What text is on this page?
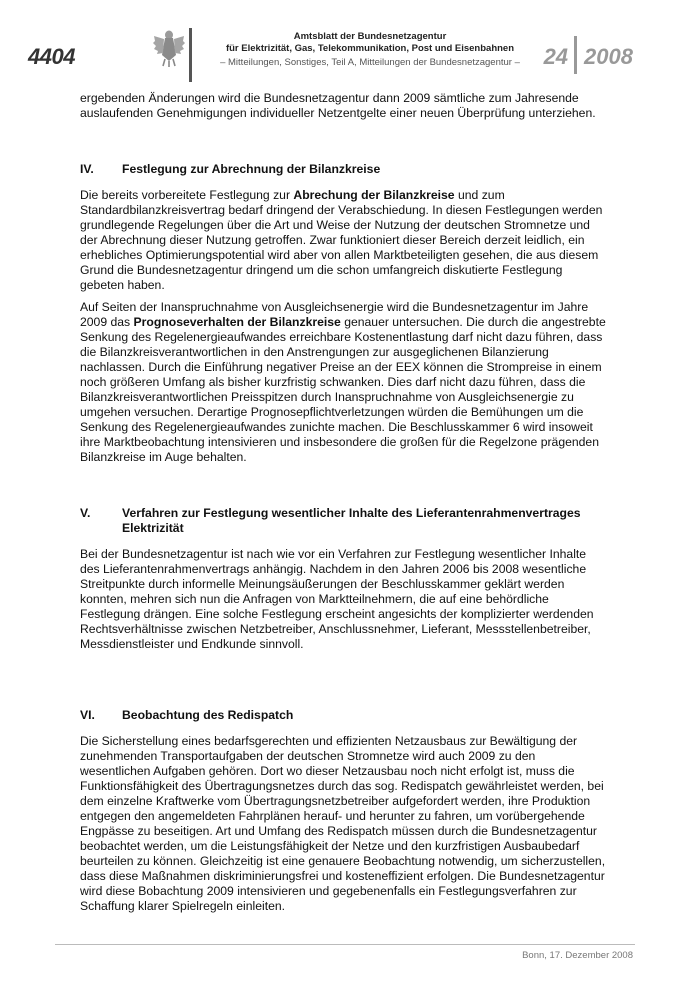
4404
Amtsblatt der Bundesnetzagentur
für Elektrizität, Gas, Telekommunikation, Post und Eisenbahnen
– Mitteilungen, Sonstiges, Teil A, Mitteilungen der Bundesnetzagentur –	24 2008

ergebenden Änderungen wird die Bundesnetzagentur dann 2009 sämtliche zum Jahresende auslaufenden Genehmigungen individueller Netzentgelte einer neuen Überprüfung unterziehen.

IV.	Festlegung zur Abrechnung der Bilanzkreise

Die bereits vorbereitete Festlegung zur Abrechung der Bilanzkreise und zum Standardbilanzkreisvertrag bedarf dringend der Verabschiedung. In diesen Festlegungen werden grundlegende Regelungen über die Art und Weise der Nutzung der deutschen Stromnetze und der Abrechnung dieser Nutzung getroffen. Zwar funktioniert dieser Bereich derzeit leidlich, ein erhebliches Optimierungspotential wird aber von allen Marktbeteiligten gesehen, die aus diesem Grund die Bundesnetzagentur dringend um die schon umfangreich diskutierte Festlegung gebeten haben.

Auf Seiten der Inanspruchnahme von Ausgleichsenergie wird die Bundesnetzagentur im Jahre 2009 das Prognoseverhalten der Bilanzkreise genauer untersuchen. Die durch die angestrebte Senkung des Regelenergieaufwandes erreichbare Kostenentlastung darf nicht dazu führen, dass die Bilanzkreisverantwortlichen in den Anstrengungen zur ausgeglichenen Bilanzierung nachlassen. Durch die Einführung negativer Preise an der EEX können die Strompreise in einem noch größeren Umfang als bisher kurzfristig schwanken. Dies darf nicht dazu führen, dass die Bilanzkreisverantwortlichen Preisspitzen durch Inanspruchnahme von Ausgleichsenergie zu umgehen versuchen. Derartige Prognosepflichtverletzungen würden die Bemühungen um die Senkung des Regelenergieaufwandes zunichte machen. Die Beschlusskammer 6 wird insoweit ihre Marktbeobachtung intensivieren und insbesondere die großen für die Regelzone prägenden Bilanzkreise im Auge behalten.

V.	Verfahren zur Festlegung wesentlicher Inhalte des Lieferantenrahmenvertrages Elektrizität

Bei der Bundesnetzagentur ist nach wie vor ein Verfahren zur Festlegung wesentlicher Inhalte des Lieferantenrahmenvertrags anhängig. Nachdem in den Jahren 2006 bis 2008 wesentliche Streitpunkte durch informelle Meinungsäußerungen der Beschlusskammer geklärt werden konnten, mehren sich nun die Anfragen von Marktteilnehmern, die auf eine behördliche Festlegung drängen. Eine solche Festlegung erscheint angesichts der komplizierter werdenden Rechtsverhältnisse zwischen Netzbetreiber, Anschlussnehmer, Lieferant, Messstellenbetreiber, Messdienstleister und Endkunde sinnvoll.

VI.	Beobachtung des Redispatch

Die Sicherstellung eines bedarfsgerechten und effizienten Netzausbaus zur Bewältigung der zunehmenden Transportaufgaben der deutschen Stromnetze wird auch 2009 zu den wesentlichen Aufgaben gehören. Dort wo dieser Netzausbau noch nicht erfolgt ist, muss die Funktionsfähigkeit des Übertragungsnetzes durch das sog. Redispatch gewährleistet werden, bei dem einzelne Kraftwerke vom Übertragungsnetzbetreiber aufgefordert werden, ihre Produktion entgegen den angemeldeten Fahrplänen herauf- und herunter zu fahren, um vorübergehende Engpässe zu beseitigen. Art und Umfang des Redispatch müssen durch die Bundesnetzagentur beobachtet werden, um die Leistungsfähigkeit der Netze und den kurzfristigen Ausbaubedarf beurteilen zu können. Gleichzeitig ist eine genauere Beobachtung notwendig, um sicherzustellen, dass diese Maßnahmen diskriminierungsfrei und kosteneffizient erfolgen. Die Bundesnetzagentur wird diese Bobachtung 2009 intensivieren und gegebenenfalls ein Festlegungsverfahren zur Schaffung klarer Spielregeln einleiten.

Bonn, 17. Dezember 2008
